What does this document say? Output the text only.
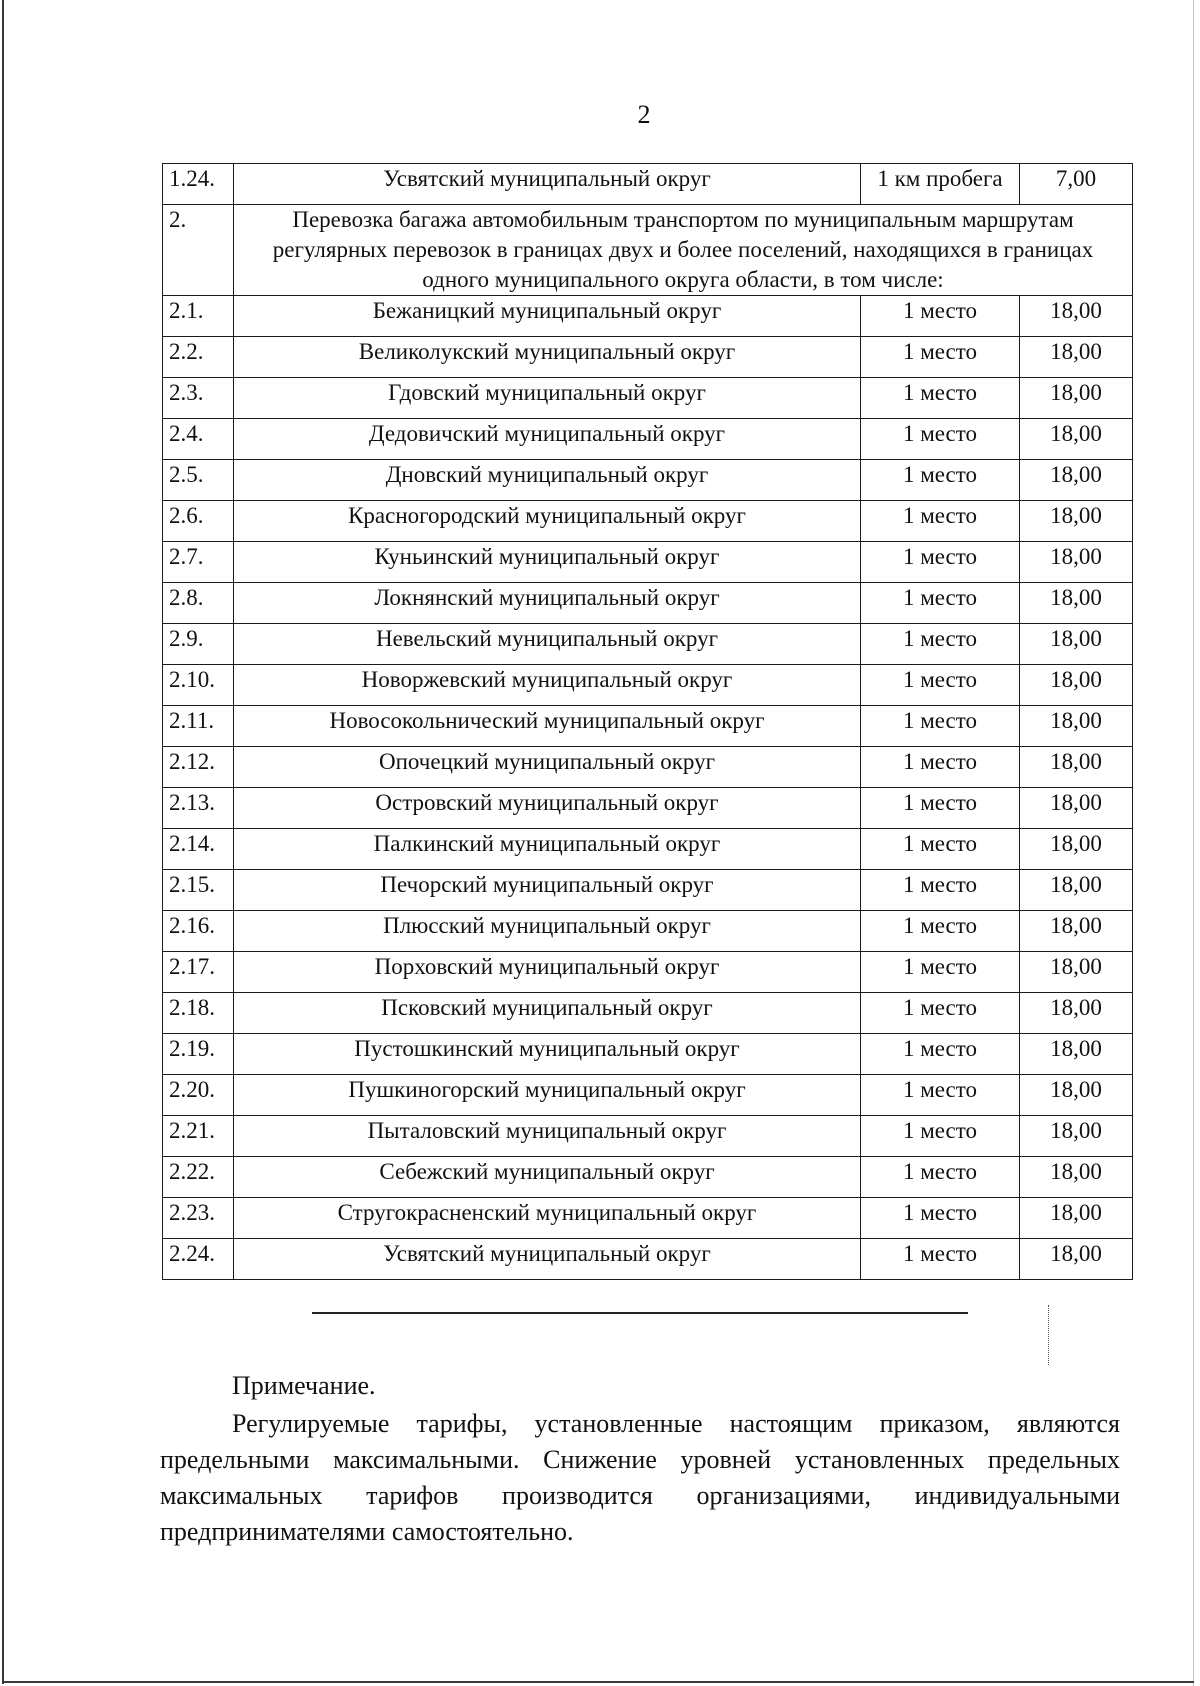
2
1.24.	Усвятский муниципальный округ	1 км пробега	7,00
2.	Перевозка багажа автомобильным транспортом по муниципальным маршрутам регулярных перевозок в границах двух и более поселений, находящихся в границах одного муниципального округа области, в том числе:		
2.1.	Бежаницкий муниципальный округ	1 место	18,00
2.2.	Великолукский муниципальный округ	1 место	18,00
2.3.	Гдовский муниципальный округ	1 место	18,00
2.4.	Дедовичский муниципальный округ	1 место	18,00
2.5.	Дновский муниципальный округ	1 место	18,00
2.6.	Красногородский муниципальный округ	1 место	18,00
2.7.	Куньинский муниципальный округ	1 место	18,00
2.8.	Локнянский муниципальный округ	1 место	18,00
2.9.	Невельский муниципальный округ	1 место	18,00
2.10.	Новоржевский муниципальный округ	1 место	18,00
2.11.	Новосокольнический муниципальный округ	1 место	18,00
2.12.	Опочецкий муниципальный округ	1 место	18,00
2.13.	Островский муниципальный округ	1 место	18,00
2.14.	Палкинский муниципальный округ	1 место	18,00
2.15.	Печорский муниципальный округ	1 место	18,00
2.16.	Плюсский муниципальный округ	1 место	18,00
2.17.	Порховский муниципальный округ	1 место	18,00
2.18.	Псковский муниципальный округ	1 место	18,00
2.19.	Пустошкинский муниципальный округ	1 место	18,00
2.20.	Пушкиногорский муниципальный округ	1 место	18,00
2.21.	Пыталовский муниципальный округ	1 место	18,00
2.22.	Себежский муниципальный округ	1 место	18,00
2.23.	Стругокрасненский муниципальный округ	1 место	18,00
2.24.	Усвятский муниципальный округ	1 место	18,00
Примечание.
Регулируемые тарифы, установленные настоящим приказом, являются предельными максимальными. Снижение уровней установленных предельных максимальных тарифов производится организациями, индивидуальными предпринимателями самостоятельно.
